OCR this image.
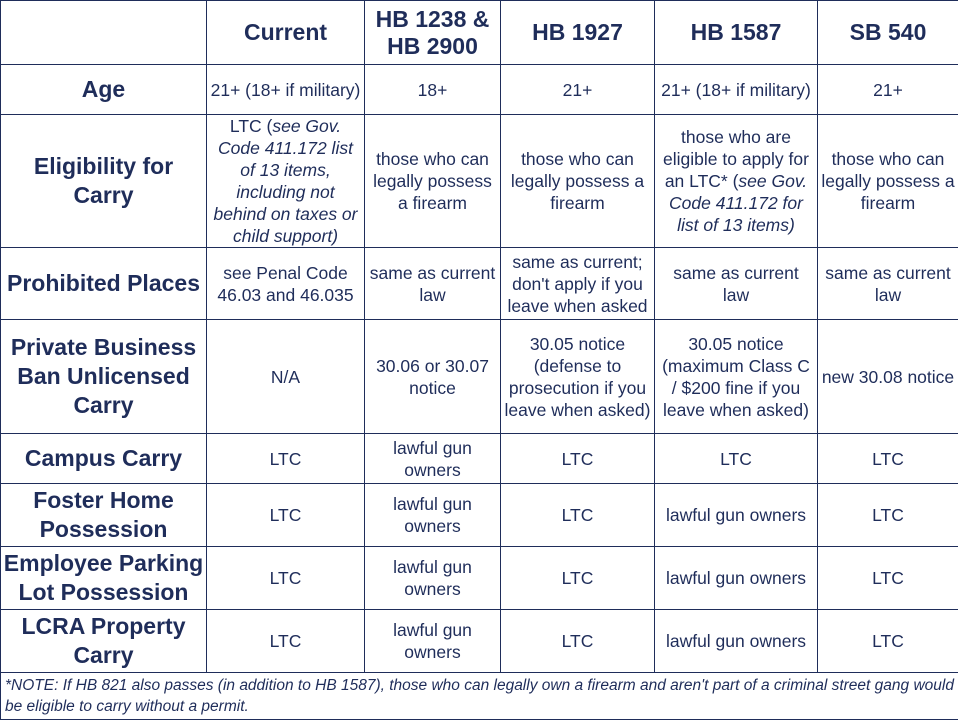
	Current	HB 1238 & HB 2900	HB 1927	HB 1587	SB 540
Age	21+ (18+ if military)	18+	21+	21+ (18+ if military)	21+
Eligibility for Carry	LTC (see Gov. Code 411.172 list of 13 items, including not behind on taxes or child support)	those who can legally possess a firearm	those who can legally possess a firearm	those who are eligible to apply for an LTC* (see Gov. Code 411.172 for list of 13 items)	those who can legally possess a firearm
Prohibited Places	see Penal Code 46.03 and 46.035	same as current law	same as current; don't apply if you leave when asked	same as current law	same as current law
Private Business Ban Unlicensed Carry	N/A	30.06 or 30.07 notice	30.05 notice (defense to prosecution if you leave when asked)	30.05 notice (maximum Class C / $200 fine if you leave when asked)	new 30.08 notice
Campus Carry	LTC	lawful gun owners	LTC	LTC	LTC
Foster Home Possession	LTC	lawful gun owners	LTC	lawful gun owners	LTC
Employee Parking Lot Possession	LTC	lawful gun owners	LTC	lawful gun owners	LTC
LCRA Property Carry	LTC	lawful gun owners	LTC	lawful gun owners	LTC
*NOTE: If HB 821 also passes (in addition to HB 1587), those who can legally own a firearm and aren't part of a criminal street gang would be eligible to carry without a permit.					
